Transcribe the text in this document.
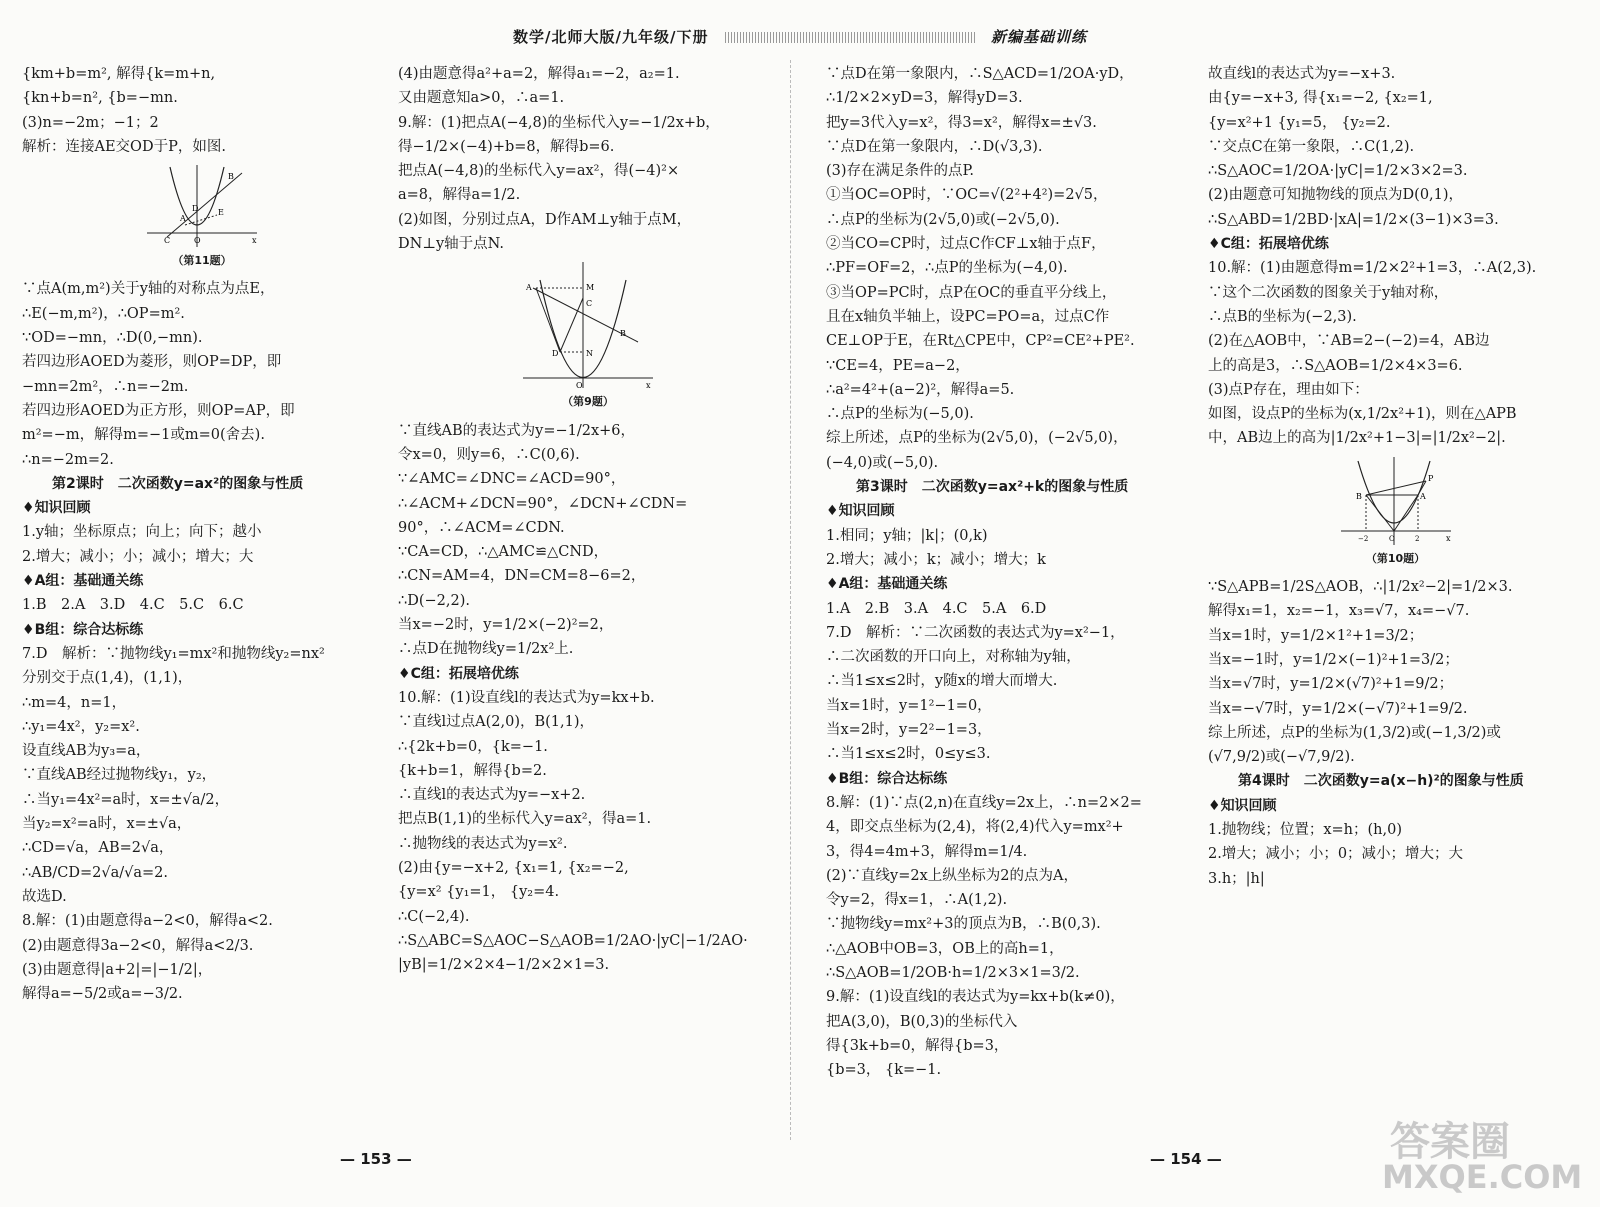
数学/北师大版/九年级/下册	新编基础训练
{km+b=m², 解得{k=m+n,
{kn+b=n², {b=−mn.
(3)n=−2m；−1；2
解析：连接AE交OD于P，如图.
A
B
C
D E
O	x
（第11题）
∵点A(m,m²)关于y轴的对称点为点E，
∴E(−m,m²)，∴OP=m².
∵OD=−mn，∴D(0,−mn).
若四边形AOED为菱形，则OP=DP，即
−mn=2m²，∴n=−2m.
若四边形AOED为正方形，则OP=AP，即
m²=−m，解得m=−1或m=0(舍去).
∴n=−2m=2.
第2课时　二次函数y=ax²的图象与性质
♦知识回顾
1.y轴；坐标原点；向上；向下；越小
2.增大；减小；小；减小；增大；大
♦A组：基础通关练
1.B　2.A　3.D　4.C　5.C　6.C
♦B组：综合达标练
7.D　解析：∵抛物线y₁=mx²和抛物线y₂=nx²
分别交于点(1,4)，(1,1)，
∴m=4，n=1，
∴y₁=4x²，y₂=x².
设直线AB为y₃=a，
∵直线AB经过抛物线y₁，y₂，
∴当y₁=4x²=a时，x=±√a/2，
当y₂=x²=a时，x=±√a，
∴CD=√a，AB=2√a，
∴AB/CD=2√a/√a=2.
故选D.
8.解：(1)由题意得a−2<0，解得a<2.
(2)由题意得3a−2<0，解得a<2/3.
(3)由题意得|a+2|=|−1/2|，
解得a=−5/2或a=−3/2.
(4)由题意得a²+a=2，解得a₁=−2，a₂=1.
又由题意知a>0，∴a=1.
9.解：(1)把点A(−4,8)的坐标代入y=−1/2x+b，
得−1/2×(−4)+b=8，解得b=6.
把点A(−4,8)的坐标代入y=ax²，得(−4)²×
a=8，解得a=1/2.
(2)如图，分别过点A，D作AM⊥y轴于点M，
DN⊥y轴于点N.
A	M
C
B
D	N
O	x
（第9题）
∵直线AB的表达式为y=−1/2x+6，
令x=0，则y=6，∴C(0,6).
∵∠AMC=∠DNC=∠ACD=90°，
∴∠ACM+∠DCN=90°，∠DCN+∠CDN=
90°，∴∠ACM=∠CDN.
∵CA=CD，∴△AMC≌△CND，
∴CN=AM=4，DN=CM=8−6=2，
∴D(−2,2).
当x=−2时，y=1/2×(−2)²=2，
∴点D在抛物线y=1/2x²上.
♦C组：拓展培优练
10.解：(1)设直线l的表达式为y=kx+b.
∵直线l过点A(2,0)，B(1,1)，
∴{2k+b=0，{k=−1.
{k+b=1，解得{b=2.
∴直线l的表达式为y=−x+2.
把点B(1,1)的坐标代入y=ax²，得a=1.
∴抛物线的表达式为y=x².
(2)由{y=−x+2, {x₁=1, {x₂=−2,
{y=x² {y₁=1， {y₂=4.
∴C(−2,4).
∴S△ABC=S△AOC−S△AOB=1/2AO·|yC|−1/2AO·
|yB|=1/2×2×4−1/2×2×1=3.
∵点D在第一象限内，∴S△ACD=1/2OA·yD，
∴1/2×2×yD=3，解得yD=3.
把y=3代入y=x²，得3=x²，解得x=±√3.
∵点D在第一象限内，∴D(√3,3).
(3)存在满足条件的点P.
①当OC=OP时，∵OC=√(2²+4²)=2√5，
∴点P的坐标为(2√5,0)或(−2√5,0).
②当CO=CP时，过点C作CF⊥x轴于点F，
∴PF=OF=2，∴点P的坐标为(−4,0).
③当OP=PC时，点P在OC的垂直平分线上，
且在x轴负半轴上，设PC=PO=a，过点C作
CE⊥OP于E，在Rt△CPE中，CP²=CE²+PE².
∵CE=4，PE=a−2，
∴a²=4²+(a−2)²，解得a=5.
∴点P的坐标为(−5,0).
综上所述，点P的坐标为(2√5,0)，(−2√5,0)，
(−4,0)或(−5,0).
第3课时　二次函数y=ax²+k的图象与性质
♦知识回顾
1.相同；y轴；|k|；(0,k)
2.增大；减小；k；减小；增大；k
♦A组：基础通关练
1.A　2.B　3.A　4.C　5.A　6.D
7.D　解析：∵二次函数的表达式为y=x²−1，
∴二次函数的开口向上，对称轴为y轴，
∴当1≤x≤2时，y随x的增大而增大.
当x=1时，y=1²−1=0，
当x=2时，y=2²−1=3，
∴当1≤x≤2时，0≤y≤3.
♦B组：综合达标练
8.解：(1)∵点(2,n)在直线y=2x上，∴n=2×2=
4，即交点坐标为(2,4)，将(2,4)代入y=mx²+
3，得4=4m+3，解得m=1/4.
(2)∵直线y=2x上纵坐标为2的点为A，
令y=2，得x=1，∴A(1,2).
∵抛物线y=mx²+3的顶点为B，∴B(0,3).
∴△AOB中OB=3，OB上的高h=1，
∴S△AOB=1/2OB·h=1/2×3×1=3/2.
9.解：(1)设直线l的表达式为y=kx+b(k≠0)，
把A(3,0)，B(0,3)的坐标代入
得{3k+b=0，解得{b=3，
{b=3， {k=−1.
故直线l的表达式为y=−x+3.
由{y=−x+3, 得{x₁=−2, {x₂=1,
{y=x²+1 {y₁=5， {y₂=2.
∵交点C在第一象限，∴C(1,2).
∴S△AOC=1/2OA·|yC|=1/2×3×2=3.
(2)由题意可知抛物线的顶点为D(0,1)，
∴S△ABD=1/2BD·|xA|=1/2×(3−1)×3=3.
♦C组：拓展培优练
10.解：(1)由题意得m=1/2×2²+1=3，∴A(2,3).
∵这个二次函数的图象关于y轴对称，
∴点B的坐标为(−2,3).
(2)在△AOB中，∵AB=2−(−2)=4，AB边
上的高是3，∴S△AOB=1/2×4×3=6.
(3)点P存在，理由如下：
如图，设点P的坐标为(x,1/2x²+1)，则在△APB
中，AB边上的高为|1/2x²+1−3|=|1/2x²−2|.
B	A
P
−2	O	2	x
（第10题）
∵S△APB=1/2S△AOB，∴|1/2x²−2|=1/2×3.
解得x₁=1，x₂=−1，x₃=√7，x₄=−√7.
当x=1时，y=1/2×1²+1=3/2；
当x=−1时，y=1/2×(−1)²+1=3/2；
当x=√7时，y=1/2×(√7)²+1=9/2；
当x=−√7时，y=1/2×(−√7)²+1=9/2.
综上所述，点P的坐标为(1,3/2)或(−1,3/2)或
(√7,9/2)或(−√7,9/2).
第4课时　二次函数y=a(x−h)²的图象与性质
♦知识回顾
1.抛物线；位置；x=h；(h,0)
2.增大；减小；小；0；减小；增大；大
3.h；|h|
— 153 —	— 154 —	答案圈
MXQE.COM
